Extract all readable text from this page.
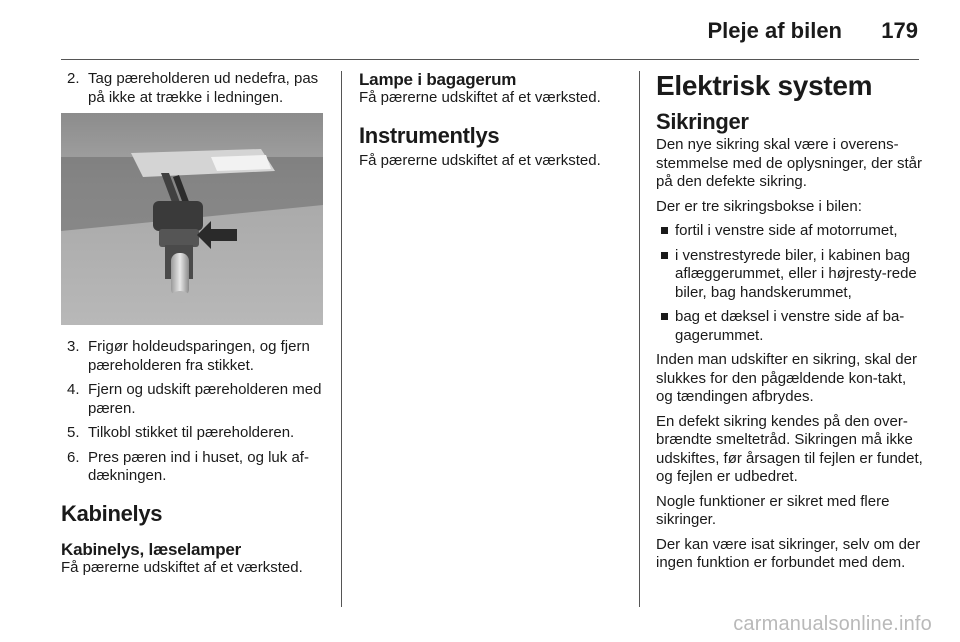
Pleje af bilen 179
2. Tag pæreholderen ud nedefra, pas på ikke at trække i ledningen.
3. Frigør holdeudsparingen, og fjern pæreholderen fra stikket.
4. Fjern og udskift pæreholderen med pæren.
5. Tilkobl stikket til pæreholderen.
6. Pres pæren ind i huset, og luk af-dækningen.
Kabinelys
Kabinelys, læselamper

Få pærerne udskiftet af et værksted.

Lampe i bagagerum

Få pærerne udskiftet af et værksted.

Instrumentlys

Få pærerne udskiftet af et værksted.

Elektrisk system
Sikringer

Den nye sikring skal være i overens-stemmelse med de oplysninger, der står på den defekte sikring.

Der er tre sikringsbokse i bilen:

fortil i venstre side af motorrumet,
i venstrestyrede biler, i kabinen bag aflæggerummet, eller i højresty-rede biler, bag handskerummet,
bag et dæksel i venstre side af ba-gagerummet.

Inden man udskifter en sikring, skal der slukkes for den pågældende kon-takt, og tændingen afbrydes.

En defekt sikring kendes på den over-brændte smeltetråd. Sikringen må ikke udskiftes, før årsagen til fejlen er fundet, og fejlen er udbedret.

Nogle funktioner er sikret med flere sikringer.

Der kan være isat sikringer, selv om der ingen funktion er forbundet med dem.

carmanualsonline.info
